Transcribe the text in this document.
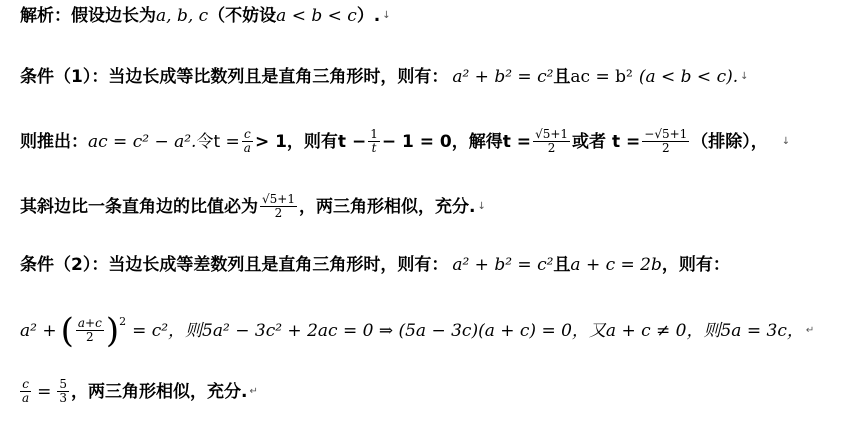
解析：假设边长为 a, b, c （不妨设 a < b < c ）. ↓
条件（1）：当边长成等比数列且是直角三角形时，则有： a² + b² = c² 且 ac = b² (a < b < c). ↓
则推出： ac = c² − a². 令$t = \frac{c}{a} > 1$，则有$t - \frac{1}{t} - 1 = 0$，解得$t = \frac{√5+1}{2}$ 或者 $t = \frac{-√5+1}{2}$ （排除）， ↓
其斜边比一条直角边的比值必为 $\frac{√5+1}{2}$ ，两三角形相似，充分. ↓
条件（2）：当边长成等差数列且是直角三角形时，则有： a² + b² = c² 且 a + c = 2b ，则有：
a² + ( $\frac{a+c}{2}$ ) 2 = c²，则5a² − 3c² + 2ac = 0 ⇒ (5a − 3c)(a + c) = 0，又a + c ≠ 0，则5a = 3c， ↵
$\frac{c}{a} = \frac{5}{3}$ ，两三角形相似，充分. ↵
